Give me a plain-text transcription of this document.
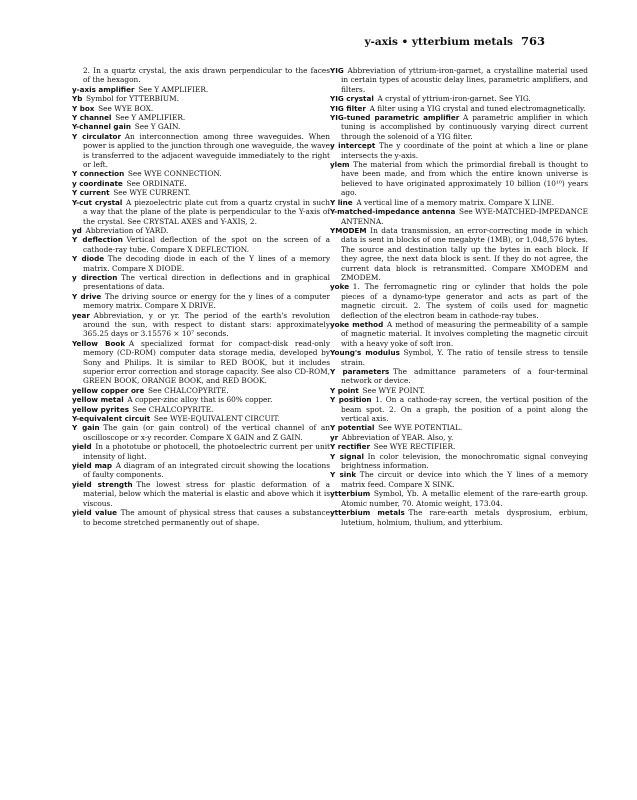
y-axis • ytterbium metals 763

2. In a quartz crystal, the axis drawn perpendicular to the faces of the hexagon.

y-axis amplifier  See Y AMPLIFIER.

Yb  Symbol for YTTERBIUM.

Y box  See WYE BOX.

Y channel  See Y AMPLIFIER.

Y-channel gain  See Y GAIN.

Y circulator  An interconnection among three waveguides. When power is applied to the junction through one waveguide, the wave is transferred to the adjacent waveguide immediately to the right or left.

Y connection  See WYE CONNECTION.

y coordinate  See ORDINATE.

Y current  See WYE CURRENT.

Y-cut crystal  A piezoelectric plate cut from a quartz crystal in such a way that the plane of the plate is perpendicular to the Y-axis of the crystal. See CRYSTAL AXES and Y-AXIS, 2.

yd  Abbreviation of YARD.

Y deflection  Vertical deflection of the spot on the screen of a cathode-ray tube. Compare X DEFLECTION.

Y diode  The decoding diode in each of the Y lines of a memory matrix. Compare X DIODE.

y direction  The vertical direction in deflections and in graphical presentations of data.

Y drive  The driving source or energy for the y lines of a computer memory matrix. Compare X DRIVE.

year  Abbreviation, y or yr. The period of the earth's revolution around the sun, with respect to distant stars: approximately 365.25 days or 3.15576 × 10⁷ seconds.

Yellow Book  A specialized format for compact-disk read-only memory (CD-ROM) computer data storage media, developed by Sony and Philips. It is similar to RED BOOK, but it includes superior error correction and storage capacity. See also CD-ROM, GREEN BOOK, ORANGE BOOK, and RED BOOK.

yellow copper ore  See CHALCOPYRITE.

yellow metal  A copper-zinc alloy that is 60% copper.

yellow pyrites  See CHALCOPYRITE.

Y-equivalent circuit  See WYE-EQUIVALENT CIRCUIT.

Y gain  The gain (or gain control) of the vertical channel of an oscilloscope or x-y recorder. Compare X GAIN and Z GAIN.

yield  In a phototube or photocell, the photoelectric current per unit intensity of light.

yield map  A diagram of an integrated circuit showing the locations of faulty components.

yield strength  The lowest stress for plastic deformation of a material, below which the material is elastic and above which it is viscous.

yield value  The amount of physical stress that causes a substance to become stretched permanently out of shape.

YIG  Abbreviation of yttrium-iron-garnet, a crystalline material used in certain types of acoustic delay lines, parametric amplifiers, and filters.

YIG crystal  A crystal of yttrium-iron-garnet. See YIG.

YIG filter  A filter using a YIG crystal and tuned electromagnetically.

YIG-tuned parametric amplifier  A parametric amplifier in which tuning is accomplished by continuously varying direct current through the solenoid of a YIG filter.

y intercept  The y coordinate of the point at which a line or plane intersects the y-axis.

ylem  The material from which the primordial fireball is thought to have been made, and from which the entire known universe is believed to have originated approximately 10 billion (10¹⁰) years ago.

Y line  A vertical line of a memory matrix. Compare X LINE.

Y-matched-impedance antenna  See WYE-MATCHED-IMPEDANCE ANTENNA.

YMODEM  In data transmission, an error-correcting mode in which data is sent in blocks of one megabyte (1MB), or 1,048,576 bytes. The source and destination tally up the bytes in each block. If they agree, the next data block is sent. If they do not agree, the current data block is retransmitted. Compare XMODEM and ZMODEM.

yoke  1. The ferromagnetic ring or cylinder that holds the pole pieces of a dynamo-type generator and acts as part of the magnetic circuit. 2. The system of coils used for magnetic deflection of the electron beam in cathode-ray tubes.

yoke method  A method of measuring the permeability of a sample of magnetic material. It involves completing the magnetic circuit with a heavy yoke of soft iron.

Young's modulus  Symbol, Y. The ratio of tensile stress to tensile strain.

Y parameters  The admittance parameters of a four-terminal network or device.

Y point  See WYE POINT.

Y position  1. On a cathode-ray screen, the vertical position of the beam spot. 2. On a graph, the position of a point along the vertical axis.

Y potential  See WYE POTENTIAL.

yr  Abbreviation of YEAR. Also, y.

Y rectifier  See WYE RECTIFIER.

Y signal  In color television, the monochromatic signal conveying brightness information.

Y sink  The circuit or device into which the Y lines of a memory matrix feed. Compare X SINK.

ytterbium  Symbol, Yb. A metallic element of the rare-earth group. Atomic number, 70. Atomic weight, 173.04.

ytterbium metals  The rare-earth metals dysprosium, erbium, lutetium, holmium, thulium, and ytterbium.
